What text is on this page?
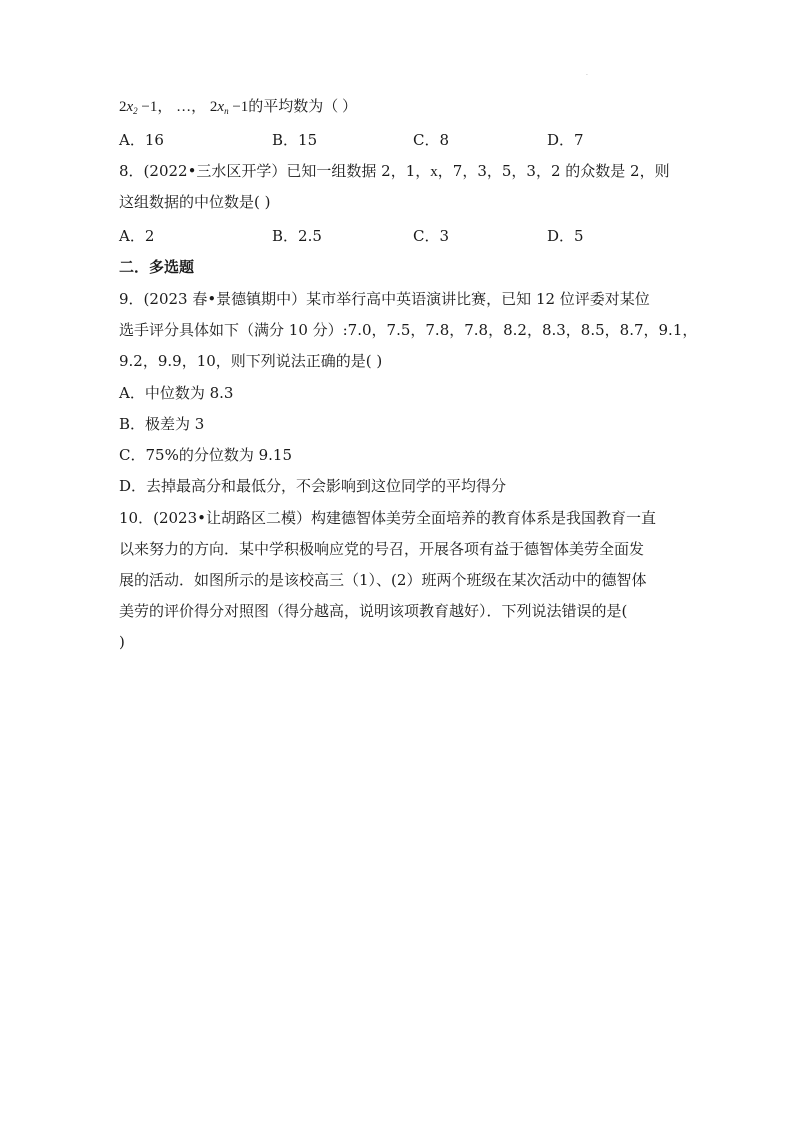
·
$2x_2 -1$， …， $2x_n -1$的平均数为（ ）
A．16	B．15	C．8	D．7
8．(2022•三水区开学）已知一组数据 2，1，x，7，3，5，3，2 的众数是 2，则
这组数据的中位数是( )
A．2	B．2.5	C．3	D．5
二．多选题
9．(2023 春•景德镇期中）某市举行高中英语演讲比赛，已知 12 位评委对某位
选手评分具体如下（满分 10 分）:7.0，7.5，7.8，7.8，8.2，8.3，8.5，8.7，9.1，
9.2，9.9，10，则下列说法正确的是( )
A．中位数为 8.3
B．极差为 3
C．75%的分位数为 9.15
D．去掉最高分和最低分，不会影响到这位同学的平均得分
10．(2023•让胡路区二模）构建德智体美劳全面培养的教育体系是我国教育一直
以来努力的方向．某中学积极响应党的号召，开展各项有益于德智体美劳全面发
展的活动．如图所示的是该校高三（1）、(2）班两个班级在某次活动中的德智体
美劳的评价得分对照图（得分越高，说明该项教育越好）．下列说法错误的是(
)
